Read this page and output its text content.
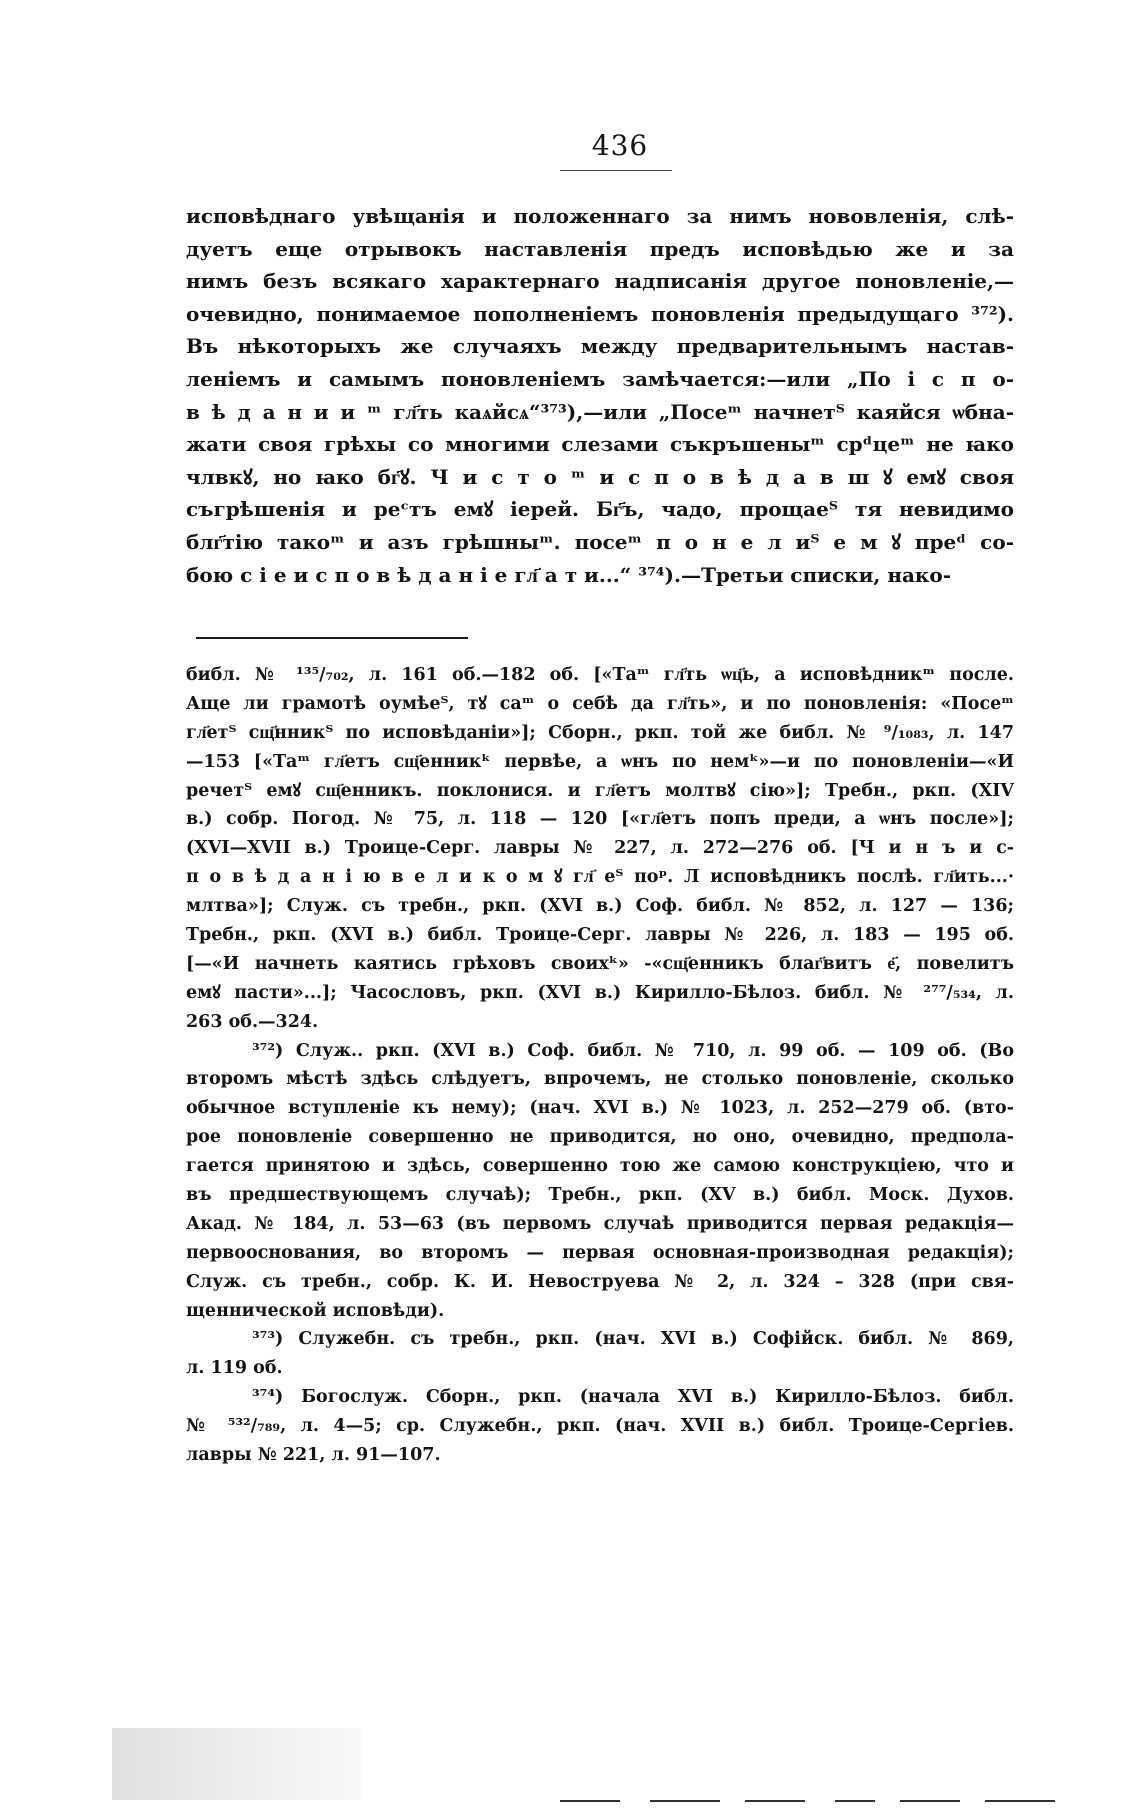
436
исповѣднаго увѣщанія и положеннаго за нимъ нововленія, слѣ-
дуетъ еще отрывокъ наставленія предъ исповѣдью же и за
нимъ безъ всякаго характернаго надписанія другое поновленіе,—
очевидно, понимаемое пополненіемъ поновленія предыдущаго ³⁷²).
Въ нѣкоторыхъ же случаяхъ между предварительнымъ настав-
леніемъ и самымъ поновленіемъ замѣчается:—или „По і с п о-
в ѣ д а н и и ᵐ гл҃ть каѧйсѧ“³⁷³),—или „Посеᵐ начнетᵀ каяйся ѡбна-
жати своя грѣхы со многими слезами съкръшеныᵐ срᵈцеᵐ не ꙗко
члвкꙋ, но ꙗко бг҃ꙋ. Ч и с т о ᵐ и с п о в ѣ д а в ш ꙋ емꙋ своя
съгрѣшенія и реᶜтъ емꙋ іерей. Бг҃ъ, чадо, прощаеᵀ тя невидимо
блг҃тію такоᵐ и азъ грѣшныᵐ. посеᵐ п о н е л иᵀ е м ꙋ преᵈ со-
бою с і е и с п о в ѣ д а н і е гл҃ а т и...“ ³⁷⁴).—Третьи списки, нако-
библ. № ¹³⁵/₇₀₂, л. 161 об.—182 об. [«Таᵐ гл҃ть ѡц҃ь, а исповѣдникᵐ после.
Аще ли грамотѣ оумѣеᵀ, тꙋ саᵐ о себѣ да гл҃ть», и по поновленія: «Посеᵐ
гл҃етᵀ сщ҃нникᵀ по исповѣданіи»]; Сборн., ркп. той же библ. № ⁹/₁₀₈₃, л. 147
—153 [«Таᵐ гл҃етъ сщ҃енникᵏ первѣе, а ѡнъ по немᵏ»—и по поновленіи—«И
речетᵀ емꙋ сщ҃енникъ. поклонися. и гл҃етъ молтвꙋ сію»]; Требн., ркп. (XIV
в.) собр. Погод. № 75, л. 118 — 120 [«гл҃етъ попъ преди, а ѡнъ после»];
(XVI—XVII в.) Троице-Серг. лавры № 227, л. 272—276 об. [Ч и н ъ и с-
п о в ѣ д а н і ю в е л и к о м ꙋ гл҃ еᵀ поᵖ. Л исповѣдникъ послѣ. гл҃ить...·
млтва»]; Служ. съ требн., ркп. (XVI в.) Соф. библ. № 852, л. 127 — 136;
Требн., ркп. (XVI в.) библ. Троице-Серг. лавры № 226, л. 183 — 195 об.
[—«И начнеть каятись грѣховъ своихᵏ» -«сщ҃енникъ благ҃витъ е҃, повелитъ
емꙋ пасти»...]; Часословъ, ркп. (XVI в.) Кирилло-Бѣлоз. библ. № ²⁷⁷/₅₃₄, л.
263 об.—324.
³⁷²) Служ.. ркп. (XVI в.) Соф. библ. № 710, л. 99 об. — 109 об. (Во
второмъ мѣстѣ здѣсь слѣдуетъ, впрочемъ, не столько поновленіе, сколько
обычное вступленіе къ нему); (нач. XVI в.) № 1023, л. 252—279 об. (вто-
рое поновленіе совершенно не приводится, но оно, очевидно, предпола-
гается принятою и здѣсь, совершенно тою же самою конструкціею, что и
въ предшествующемъ случаѣ); Требн., ркп. (XV в.) библ. Моск. Духов.
Акад. № 184, л. 53—63 (въ первомъ случаѣ приводится первая редакція—
первооснования, во второмъ — первая основная-производная редакція);
Служ. съ требн., собр. К. И. Невоструева № 2, л. 324 – 328 (при свя-
щеннической исповѣди).
³⁷³) Служебн. съ требн., ркп. (нач. XVI в.) Софійск. библ. № 869,
л. 119 об.
³⁷⁴) Богослуж. Сборн., ркп. (начала XVI в.) Кирилло-Бѣлоз. библ.
№ ⁵³²/₇₈₉, л. 4—5; ср. Служебн., ркп. (нач. XVII в.) библ. Троице-Сергіев.
лавры № 221, л. 91—107.
